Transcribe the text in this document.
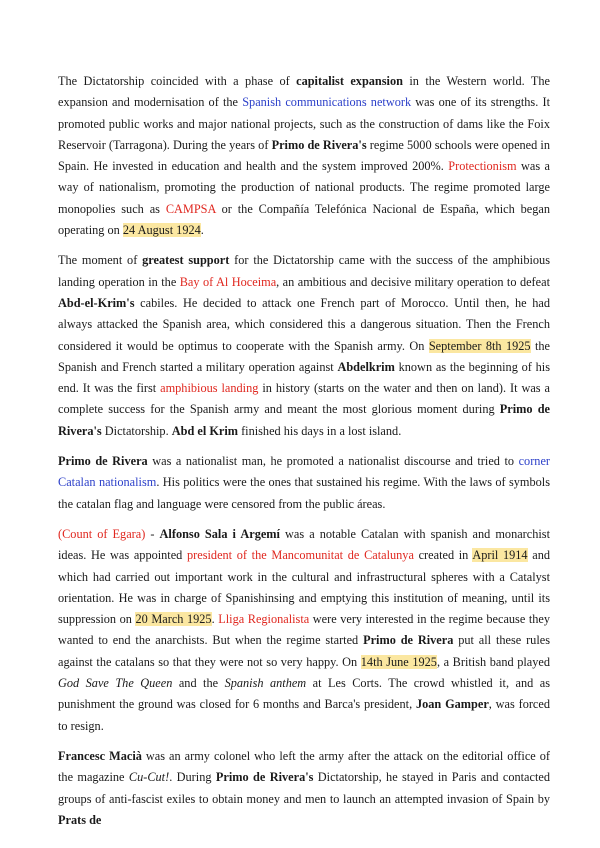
The Dictatorship coincided with a phase of capitalist expansion in the Western world. The expansion and modernisation of the Spanish communications network was one of its strengths. It promoted public works and major national projects, such as the construction of dams like the Foix Reservoir (Tarragona). During the years of Primo de Rivera's regime 5000 schools were opened in Spain. He invested in education and health and the system improved 200%. Protectionism was a way of nationalism, promoting the production of national products. The regime promoted large monopolies such as CAMPSA or the Compañía Telefónica Nacional de España, which began operating on 24 August 1924.

The moment of greatest support for the Dictatorship came with the success of the amphibious landing operation in the Bay of Al Hoceima, an ambitious and decisive military operation to defeat Abd-el-Krim's cabiles. He decided to attack one French part of Morocco. Until then, he had always attacked the Spanish area, which considered this a dangerous situation. Then the French considered it would be optimus to cooperate with the Spanish army. On September 8th 1925 the Spanish and French started a military operation against Abdelkrim known as the beginning of his end. It was the first amphibious landing in history (starts on the water and then on land). It was a complete success for the Spanish army and meant the most glorious moment during Primo de Rivera's Dictatorship. Abd el Krim finished his days in a lost island.

Primo de Rivera was a nationalist man, he promoted a nationalist discourse and tried to corner Catalan nationalism. His politics were the ones that sustained his regime. With the laws of symbols the catalan flag and language were censored from the public áreas.

(Count of Egara) - Alfonso Sala i Argemí was a notable Catalan with spanish and monarchist ideas. He was appointed president of the Mancomunitat de Catalunya created in April 1914 and which had carried out important work in the cultural and infrastructural spheres with a Catalyst orientation. He was in charge of Spanishinsing and emptying this institution of meaning, until its suppression on 20 March 1925. Lliga Regionalista were very interested in the regime because they wanted to end the anarchists. But when the regime started Primo de Rivera put all these rules against the catalans so that they were not so very happy. On 14th June 1925, a British band played God Save The Queen and the Spanish anthem at Les Corts. The crowd whistled it, and as punishment the ground was closed for 6 months and Barca's president, Joan Gamper, was forced to resign.

Francesc Macià was an army colonel who left the army after the attack on the editorial office of the magazine Cu-Cut!. During Primo de Rivera's Dictatorship, he stayed in Paris and contacted groups of anti-fascist exiles to obtain money and men to launch an attempted invasion of Spain by Prats de
